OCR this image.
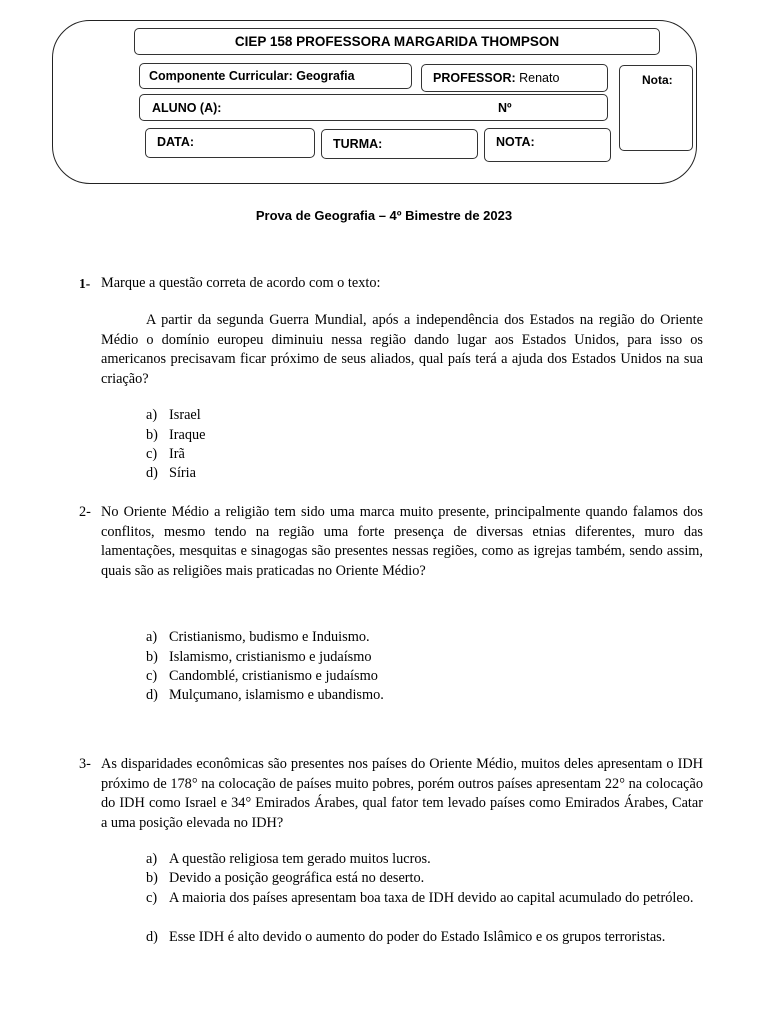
CIEP 158 PROFESSORA MARGARIDA THOMPSON
Componente Curricular: Geografia	PROFESSOR: Renato	Nota:
ALUNO (A):	Nº
DATA:	TURMA:	NOTA:
Prova de Geografia – 4º Bimestre de 2023
1- Marque a questão correta de acordo com o texto:
A partir da segunda Guerra Mundial, após a independência dos Estados na região do Oriente Médio o domínio europeu diminuiu nessa região dando lugar aos Estados Unidos, para isso os americanos precisavam ficar próximo de seus aliados, qual país terá a ajuda dos Estados Unidos na sua criação?
a) Israel
b) Iraque
c) Irã
d) Síria
2- No Oriente Médio a religião tem sido uma marca muito presente, principalmente quando falamos dos conflitos, mesmo tendo na região uma forte presença de diversas etnias diferentes, muro das lamentações, mesquitas e sinagogas são presentes nessas regiões, como as igrejas também, sendo assim, quais são as religiões mais praticadas no Oriente Médio?
a) Cristianismo, budismo e Induismo.
b) Islamismo, cristianismo e judaísmo
c) Candomblé, cristianismo e judaísmo
d) Mulçumano, islamismo e ubandismo.
3- As disparidades econômicas são presentes nos países do Oriente Médio, muitos deles apresentam o IDH próximo de 178° na colocação de países muito pobres, porém outros países apresentam 22° na colocação do IDH como Israel e 34° Emirados Árabes, qual fator tem levado países como Emirados Árabes, Catar a uma posição elevada no IDH?
a) A questão religiosa tem gerado muitos lucros.
b) Devido a posição geográfica está no deserto.
c) A maioria dos países apresentam boa taxa de IDH devido ao capital acumulado do petróleo.
d) Esse IDH é alto devido o aumento do poder do Estado Islâmico e os grupos terroristas.
